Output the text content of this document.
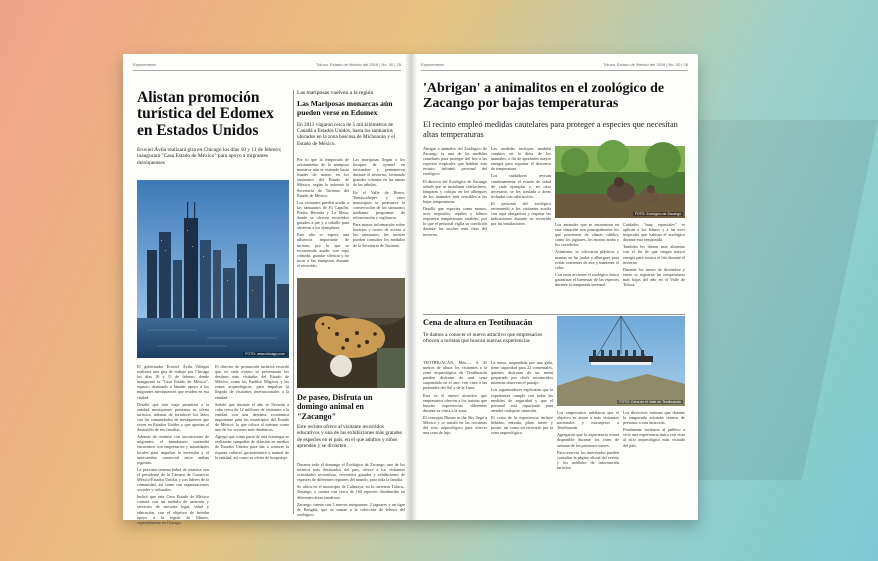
Exponenews	Toluca, Estado de México del 2016 | No. 00 | 25
Alistan promoción turística del Edomex en Estados Unidos
Eruviel Ávila realizará gira en Chicago los días 10 y 11 de febrero; inaugurará "Casa Estado de México" para apoyo a migrantes mexiquenses
FOTO: www.chicago.com

El gobernador Eruviel Ávila Villegas realizará una gira de trabajo por Chicago los días 10 y 11 de febrero, donde inaugurará la "Casa Estado de México", espacio destinado a brindar apoyo a los migrantes mexiquenses que residen en esa ciudad.

Detalló que este viaje permitirá a la entidad mexiquense presentar su oferta turística, además de fortalecer los lazos con las comunidades de mexiquenses que viven en Estados Unidos y que aportan al desarrollo de sus familias.

Además de reunirse con asociaciones de migrantes, el mandatario sostendrá encuentros con empresarios y autoridades locales para impulsar la inversión y el intercambio comercial entre ambas regiones.

La próxima semana habrá de reunirse con el presidente de la Cámara de Comercio México-Estados Unidos y con líderes de la comunidad, así como con organizaciones sociales y culturales.

Indicó que esta Casa Estado de México contará con un módulo de atención y servicios de asesoría legal, salud y educación, con el objetivo de brindar apoyo a la región de Illinois, especialmente en Chicago.

El director de promoción turística recordó que en cada evento se presentarán los destinos más visitados del Estado de México, como los Pueblos Mágicos y las zonas arqueológicas, para impulsar la llegada de visitantes internacionales a la entidad.

Señaló que durante el año se llevarán a cabo cerca de 12 millones de visitantes a la entidad con una derrama económica importante para los municipios del Estado de México, lo que coloca al turismo como uno de los sectores más dinámicos.

Agregó que como parte de esta estrategia se realizarán campañas de difusión en medios de Estados Unidos para dar a conocer la riqueza cultural, gastronómica y natural de la entidad, así como su oferta de hospedaje.

Las mariposas vuelven a la región
Las Mariposas monarcas aún pueden verse en Edomex
En 2013 viajaron cerca de 5 mil kilómetros de Canadá a Estados Unidos, hasta los santuarios ubicados en la zona boscosa de Michoacán y el Estado de México.

Por lo que la temporada de avistamiento de la mariposa monarca aún se extiende hasta finales de marzo en los santuarios del Estado de México, según lo informó la Secretaría de Turismo del Estado de México.

Los visitantes pueden acudir a los santuarios de El Capulín, Piedra Herrada y La Mesa, donde se ofrecen recorridos guiados a pie y a caballo para observar a los ejemplares.

Este año se espera una afluencia importante de turistas, por lo que se recomienda acudir con ropa cómoda, guardar silencio y no tocar a las mariposas durante el recorrido.

Las mariposas llegan a los bosques de oyamel en noviembre y permanecen durante el invierno, formando grandes colonias en las ramas de los árboles.

En el Valle de Bravo, Temascaltepec y otros municipios se promueve la conservación de los santuarios mediante programas de reforestación y vigilancia.

Para mayor información sobre horarios y costos de acceso a los santuarios, los turistas pueden consultar los módulos de la Secretaría de Turismo.

De paseo, Disfruta un domingo animal en "Zacango"
Este recinto ofrece al visitante recorridos educativos y una de las exhibiciones más grandes de especies en el país, en el que adultos y niños aprenden y se divierten

Durante todo el domingo el Zoológico de Zacango, uno de los recintos más destacados del país, ofrece a los visitantes actividades recreativas, recorridos guiados y exhibiciones de especies de diferentes regiones del mundo, para toda la familia.

Se ubica en el municipio de Calimaya, en la carretera Toluca–Tenango, y cuenta con cerca de 160 especies distribuidas en diferentes áreas temáticas.

Zacango cuenta con 3 nuevos integrantes: 2 jaguares y un tigre de Bengala, que se suman a la colección de felinos del zoológico.

Exponenews	Toluca, Estado de México del 2016 | No. 00 | 26
'Abrigan' a animalitos en el zoológico de Zacango por bajas temperaturas
El recinto empleó medidas cautelares para proteger a especies que necesitan altas temperaturas

Abrigar a animales del Zoológico de Zacango es una de las medidas cautelares para proteger del frío a las especies tropicales que habitan este recinto, informó personal del zoológico.

El director del Zoológico de Zacango señaló que se instalaron calefactores, lámparas y cobijas en los albergues de los animales más sensibles a las bajas temperaturas.

Detalló que especies como monos, aves tropicales, reptiles y felinos requieren temperaturas estables, por lo que el personal vigila su condición durante las noches más frías del invierno.

Las medidas incluyen también cambios en la dieta de los animales, a fin de aportarles mayor energía para soportar el descenso de temperatura.

Los cuidadores revisan continuamente el estado de salud de cada ejemplar y, en caso necesario, se les traslada a áreas techadas con calefacción.

El personal del zoológico recomendó a los visitantes acudir con ropa abrigadora y respetar las indicaciones durante su recorrido por las instalaciones.

FOTO: Zoológico de Zacango

Los animales que se encuentran en esta situación son principalmente los que provienen de climas cálidos, como los jaguares, los monos araña y los cocodrilos.

Asimismo, se colocaron plásticos y mantas en las jaulas y albergues para evitar corrientes de aire y mantener el calor.

Con estas acciones el zoológico busca garantizar el bienestar de las especies durante la temporada invernal.

Cuidados "muy especiales" se aplican a los felinos y a las aves tropicales que habitan el zoológico durante esta temporada.

También les dieron más alimento con el fin de que tengan mayor energía para resistir el frío durante el invierno.

Durante los meses de diciembre y enero se registran las temperaturas más bajas del año en el Valle de Toluca.

Cena de altura en Teotihuacán
Te damos a conocer el nuevo atractivo que empresarios ofrecen a turistas que buscan nuevas experiencias

TEOTIHUACÁN, Méx.— A 45 metros de altura los visitantes a la zona arqueológica de Teotihuacán pueden disfrutar de una cena suspendida en el aire, con vista a las pirámides del Sol y de la Luna.

Esta es el nuevo atractivo que empresarios ofrecen a los turistas que buscan experiencias diferentes durante su visita a la zona.

El concepto Dinner in the Sky llegó a México y se instaló en las cercanías del sitio arqueológico para ofrecer una cena de lujo.

La mesa, suspendida por una grúa, tiene capacidad para 22 comensales, quienes disfrutan de un menú preparado por chefs reconocidos mientras observan el paisaje.

Los organizadores explicaron que la experiencia cumple con todas las medidas de seguridad y que el personal está capacitado para atender cualquier situación.

El costo de la experiencia incluye bebidas, entrada, plato fuerte y postre, así como un recorrido por la zona arqueológica.

FOTO: Cena en el Valle de Teotihuacán

Los empresarios señalaron que el objetivo es atraer a más visitantes nacionales y extranjeros a Teotihuacán.

Agregaron que la experiencia estará disponible durante los fines de semana de los próximos meses.

Para reservar, los interesados pueden consultar la página oficial del evento y los módulos de información turística.

Los directivos estiman que durante la temporada asistirán cientos de personas a esta atracción.

Finalmente invitaron al público a vivir una experiencia única con vista al sitio arqueológico más visitado del país.
